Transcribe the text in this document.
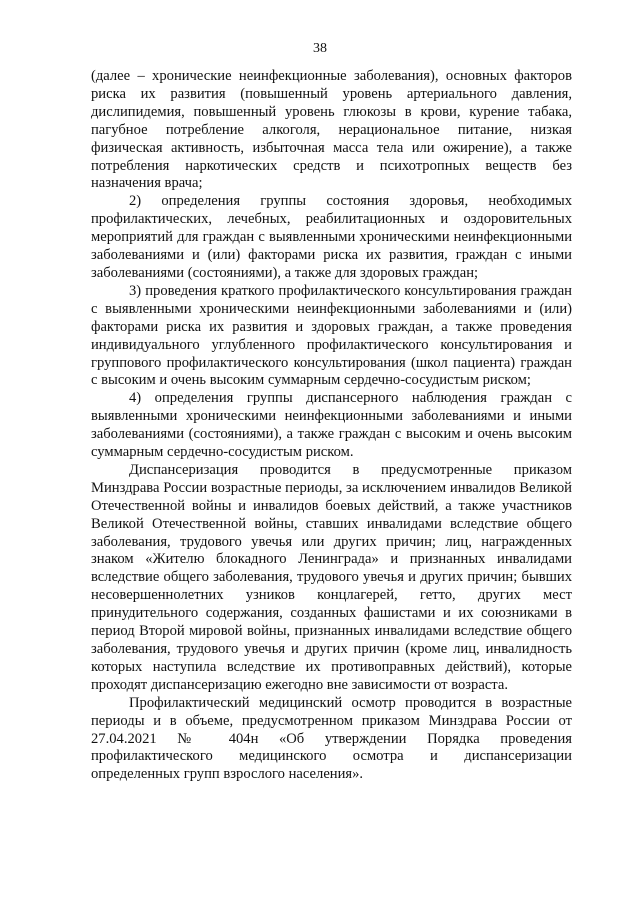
38

(далее – хронические неинфекционные заболевания), основных факторов риска их развития (повышенный уровень артериального давления, дислипидемия, повышенный уровень глюкозы в крови, курение табака, пагубное потребление алкоголя, нерациональное питание, низкая физическая активность, избыточная масса тела или ожирение), а также потребления наркотических средств и психотропных веществ без назначения врача;

2) определения группы состояния здоровья, необходимых профилактических, лечебных, реабилитационных и оздоровительных мероприятий для граждан с выявленными хроническими неинфекционными заболеваниями и (или) факторами риска их развития, граждан с иными заболеваниями (состояниями), а также для здоровых граждан;

3) проведения краткого профилактического консультирования граждан с выявленными хроническими неинфекционными заболеваниями и (или) факторами риска их развития и здоровых граждан, а также проведения индивидуального углубленного профилактического консультирования и группового профилактического консультирования (школ пациента) граждан с высоким и очень высоким суммарным сердечно-сосудистым риском;

4) определения группы диспансерного наблюдения граждан с выявленными хроническими неинфекционными заболеваниями и иными заболеваниями (состояниями), а также граждан с высоким и очень высоким суммарным сердечно-сосудистым риском.

Диспансеризация проводится в предусмотренные приказом Минздрава России возрастные периоды, за исключением инвалидов Великой Отечественной войны и инвалидов боевых действий, а также участников Великой Отечественной войны, ставших инвалидами вследствие общего заболевания, трудового увечья или других причин; лиц, награжденных знаком «Жителю блокадного Ленинграда» и признанных инвалидами вследствие общего заболевания, трудового увечья и других причин; бывших несовершеннолетних узников концлагерей, гетто, других мест принудительного содержания, созданных фашистами и их союзниками в период Второй мировой войны, признанных инвалидами вследствие общего заболевания, трудового увечья и других причин (кроме лиц, инвалидность которых наступила вследствие их противоправных действий), которые проходят диспансеризацию ежегодно вне зависимости от возраста.

Профилактический медицинский осмотр проводится в возрастные периоды и в объеме, предусмотренном приказом Минздрава России от 27.04.2021 № 404н «Об утверждении Порядка проведения профилактического медицинского осмотра и диспансеризации определенных групп взрослого населения».
